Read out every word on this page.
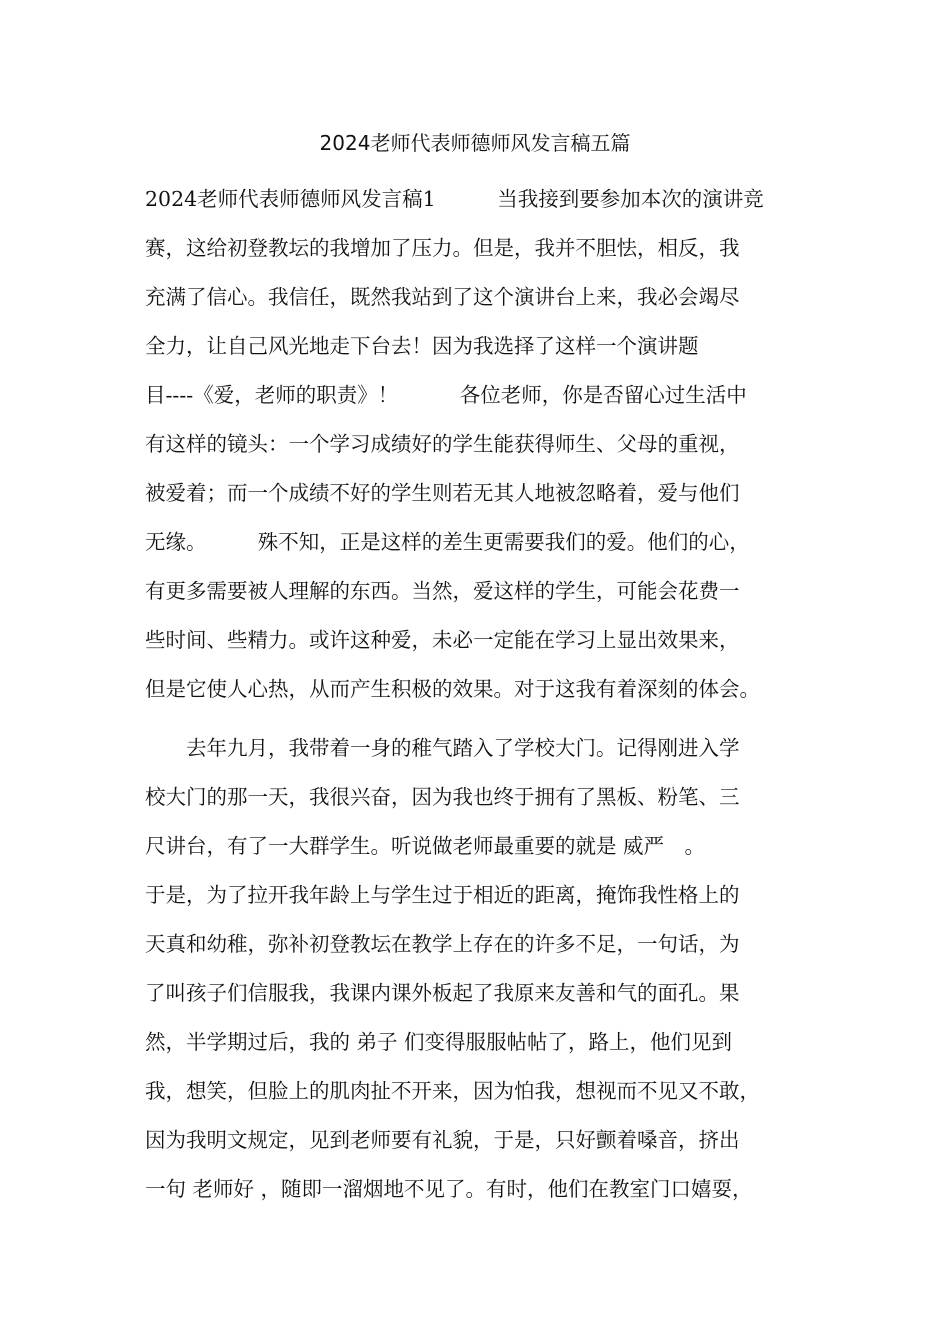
2024老师代表师德师风发言稿五篇
2024老师代表师德师风发言稿1　　　当我接到要参加本次的演讲竞
赛，这给初登教坛的我增加了压力。但是，我并不胆怯，相反，我
充满了信心。我信任，既然我站到了这个演讲台上来，我必会竭尽
全力，让自己风光地走下台去！因为我选择了这样一个演讲题
目----《爱，老师的职责》！　　　各位老师，你是否留心过生活中
有这样的镜头：一个学习成绩好的学生能获得师生、父母的重视，
被爱着；而一个成绩不好的学生则若无其人地被忽略着，爱与他们
无缘。　　　殊不知，正是这样的差生更需要我们的爱。他们的心，
有更多需要被人理解的东西。当然，爱这样的学生，可能会花费一
些时间、些精力。或许这种爱，未必一定能在学习上显出效果来，
但是它使人心热，从而产生积极的效果。对于这我有着深刻的体会。
　　去年九月，我带着一身的稚气踏入了学校大门。记得刚进入学
校大门的那一天，我很兴奋，因为我也终于拥有了黑板、粉笔、三
尺讲台，有了一大群学生。听说做老师最重要的就是 威严　。
于是，为了拉开我年龄上与学生过于相近的距离，掩饰我性格上的
天真和幼稚，弥补初登教坛在教学上存在的许多不足，一句话，为
了叫孩子们信服我，我课内课外板起了我原来友善和气的面孔。果
然，半学期过后，我的 弟子 们变得服服帖帖了，路上，他们见到
我，想笑，但脸上的肌肉扯不开来，因为怕我，想视而不见又不敢，
因为我明文规定，见到老师要有礼貌，于是，只好颤着嗓音，挤出
一句 老师好 ，随即一溜烟地不见了。有时，他们在教室门口嬉耍，
